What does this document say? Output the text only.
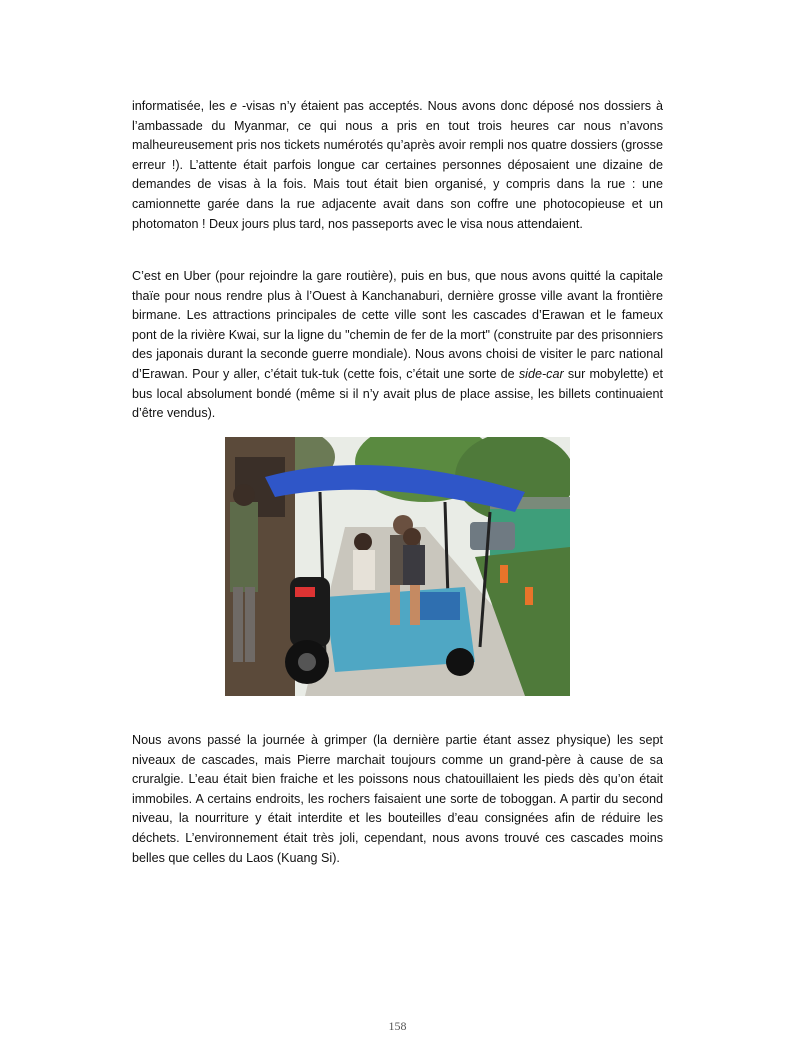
informatisée, les e -visas n’y étaient pas acceptés. Nous avons donc déposé nos dossiers à l’ambassade du Myanmar, ce qui nous a pris en tout trois heures car nous n’avons malheureusement pris nos tickets numérotés qu’après avoir rempli nos quatre dossiers (grosse erreur !). L’attente était parfois longue car certaines personnes déposaient une dizaine de demandes de visas à la fois. Mais tout était bien organisé, y compris dans la rue : une camionnette garée dans la rue adjacente avait dans son coffre une photocopieuse et un photomaton ! Deux jours plus tard, nos passeports avec le visa nous attendaient.

C’est en Uber (pour rejoindre la gare routière), puis en bus, que nous avons quitté la capitale thaïe pour nous rendre plus à l’Ouest à Kanchanaburi, dernière grosse ville avant la frontière birmane. Les attractions principales de cette ville sont les cascades d’Erawan et le fameux pont de la rivière Kwai, sur la ligne du "chemin de fer de la mort" (construite par des prisonniers des japonais durant la seconde guerre mondiale). Nous avons choisi de visiter le parc national d’Erawan. Pour y aller, c’était tuk-tuk (cette fois, c’était une sorte de side-car sur mobylette) et bus local absolument bondé (même si il n’y avait plus de place assise, les billets continuaient d’être vendus).

Nous avons passé la journée à grimper (la dernière partie étant assez physique) les sept niveaux de cascades, mais Pierre marchait toujours comme un grand-père à cause de sa cruralgie. L’eau était bien fraiche et les poissons nous chatouillaient les pieds dès qu’on était immobiles. A certains endroits, les rochers faisaient une sorte de toboggan. A partir du second niveau, la nourriture y était interdite et les bouteilles d’eau consignées afin de réduire les déchets. L’environnement était très joli, cependant, nous avons trouvé ces cascades moins belles que celles du Laos (Kuang Si).

158
